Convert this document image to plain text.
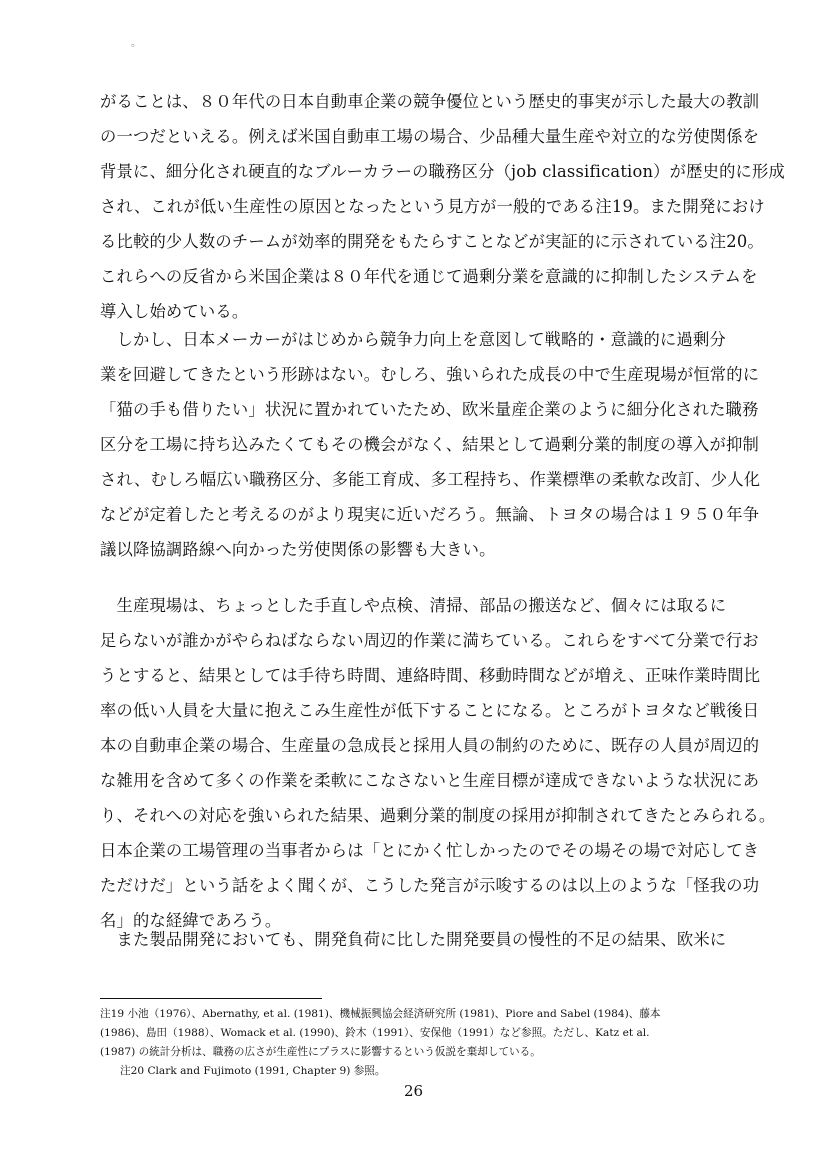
。
がることは、８０年代の日本自動車企業の競争優位という歴史的事実が示した最大の教訓
の一つだといえる。例えば米国自動車工場の場合、少品種大量生産や対立的な労使関係を
背景に、細分化され硬直的なブルーカラーの職務区分（job classification）が歴史的に形成
され、これが低い生産性の原因となったという見方が一般的である注19。また開発におけ
る比較的少人数のチームが効率的開発をもたらすことなどが実証的に示されている注20。
これらへの反省から米国企業は８０年代を通じて過剰分業を意識的に抑制したシステムを
導入し始めている。
　しかし、日本メーカーがはじめから競争力向上を意図して戦略的・意識的に過剰分
業を回避してきたという形跡はない。むしろ、強いられた成長の中で生産現場が恒常的に
「猫の手も借りたい」状況に置かれていたため、欧米量産企業のように細分化された職務
区分を工場に持ち込みたくてもその機会がなく、結果として過剰分業的制度の導入が抑制
され、むしろ幅広い職務区分、多能工育成、多工程持ち、作業標準の柔軟な改訂、少人化
などが定着したと考えるのがより現実に近いだろう。無論、トヨタの場合は１９５０年争
議以降協調路線へ向かった労使関係の影響も大きい。
　生産現場は、ちょっとした手直しや点検、清掃、部品の搬送など、個々には取るに
足らないが誰かがやらねばならない周辺的作業に満ちている。これらをすべて分業で行お
うとすると、結果としては手待ち時間、連絡時間、移動時間などが増え、正味作業時間比
率の低い人員を大量に抱えこみ生産性が低下することになる。ところがトヨタなど戦後日
本の自動車企業の場合、生産量の急成長と採用人員の制約のために、既存の人員が周辺的
な雑用を含めて多くの作業を柔軟にこなさないと生産目標が達成できないような状況にあ
り、それへの対応を強いられた結果、過剰分業的制度の採用が抑制されてきたとみられる。
日本企業の工場管理の当事者からは「とにかく忙しかったのでその場その場で対応してき
ただけだ」という話をよく聞くが、こうした発言が示唆するのは以上のような「怪我の功
名」的な経緯であろう。
　また製品開発においても、開発負荷に比した開発要員の慢性的不足の結果、欧米に
注19 小池（1976）、Abernathy, et al. (1981)、機械振興協会経済研究所 (1981)、Piore and Sabel (1984)、藤本
(1986)、島田（1988）、Womack et al. (1990)、鈴木（1991）、安保他（1991）など参照。ただし、Katz et al.
(1987) の統計分析は、職務の広さが生産性にプラスに影響するという仮説を棄却している。
注20 Clark and Fujimoto (1991, Chapter 9) 参照。
26
